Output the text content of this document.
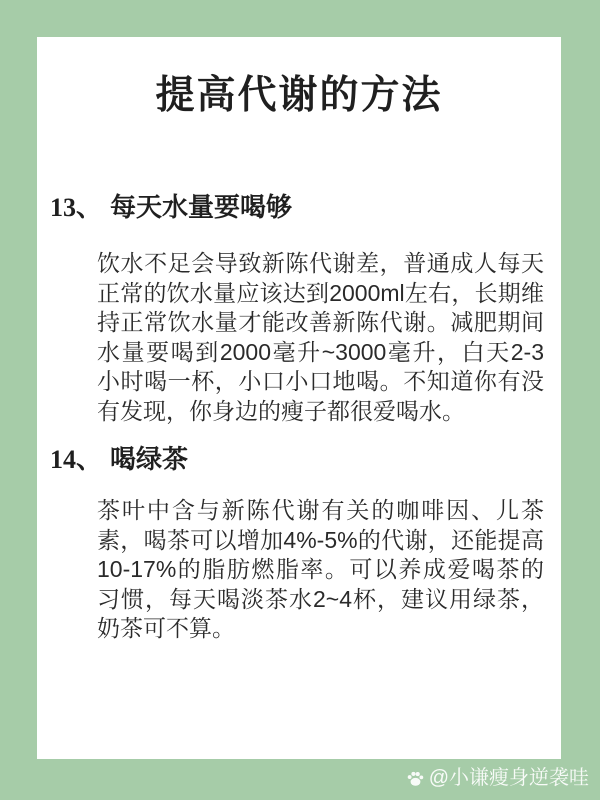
提高代谢的方法
13、 每天水量要喝够

饮水不足会导致新陈代谢差，普通成人每天正常的饮水量应该达到2000ml左右，长期维持正常饮水量才能改善新陈代谢。减肥期间水量要喝到2000毫升~3000毫升，白天2-3小时喝一杯，小口小口地喝。不知道你有没有发现，你身边的瘦子都很爱喝水。

14、 喝绿茶

茶叶中含与新陈代谢有关的咖啡因、儿茶素，喝茶可以增加4%-5%的代谢，还能提高10-17%的脂肪燃脂率。可以养成爱喝茶的习惯，每天喝淡茶水2~4杯，建议用绿茶，奶茶可不算。

@小谦瘦身逆袭哇
